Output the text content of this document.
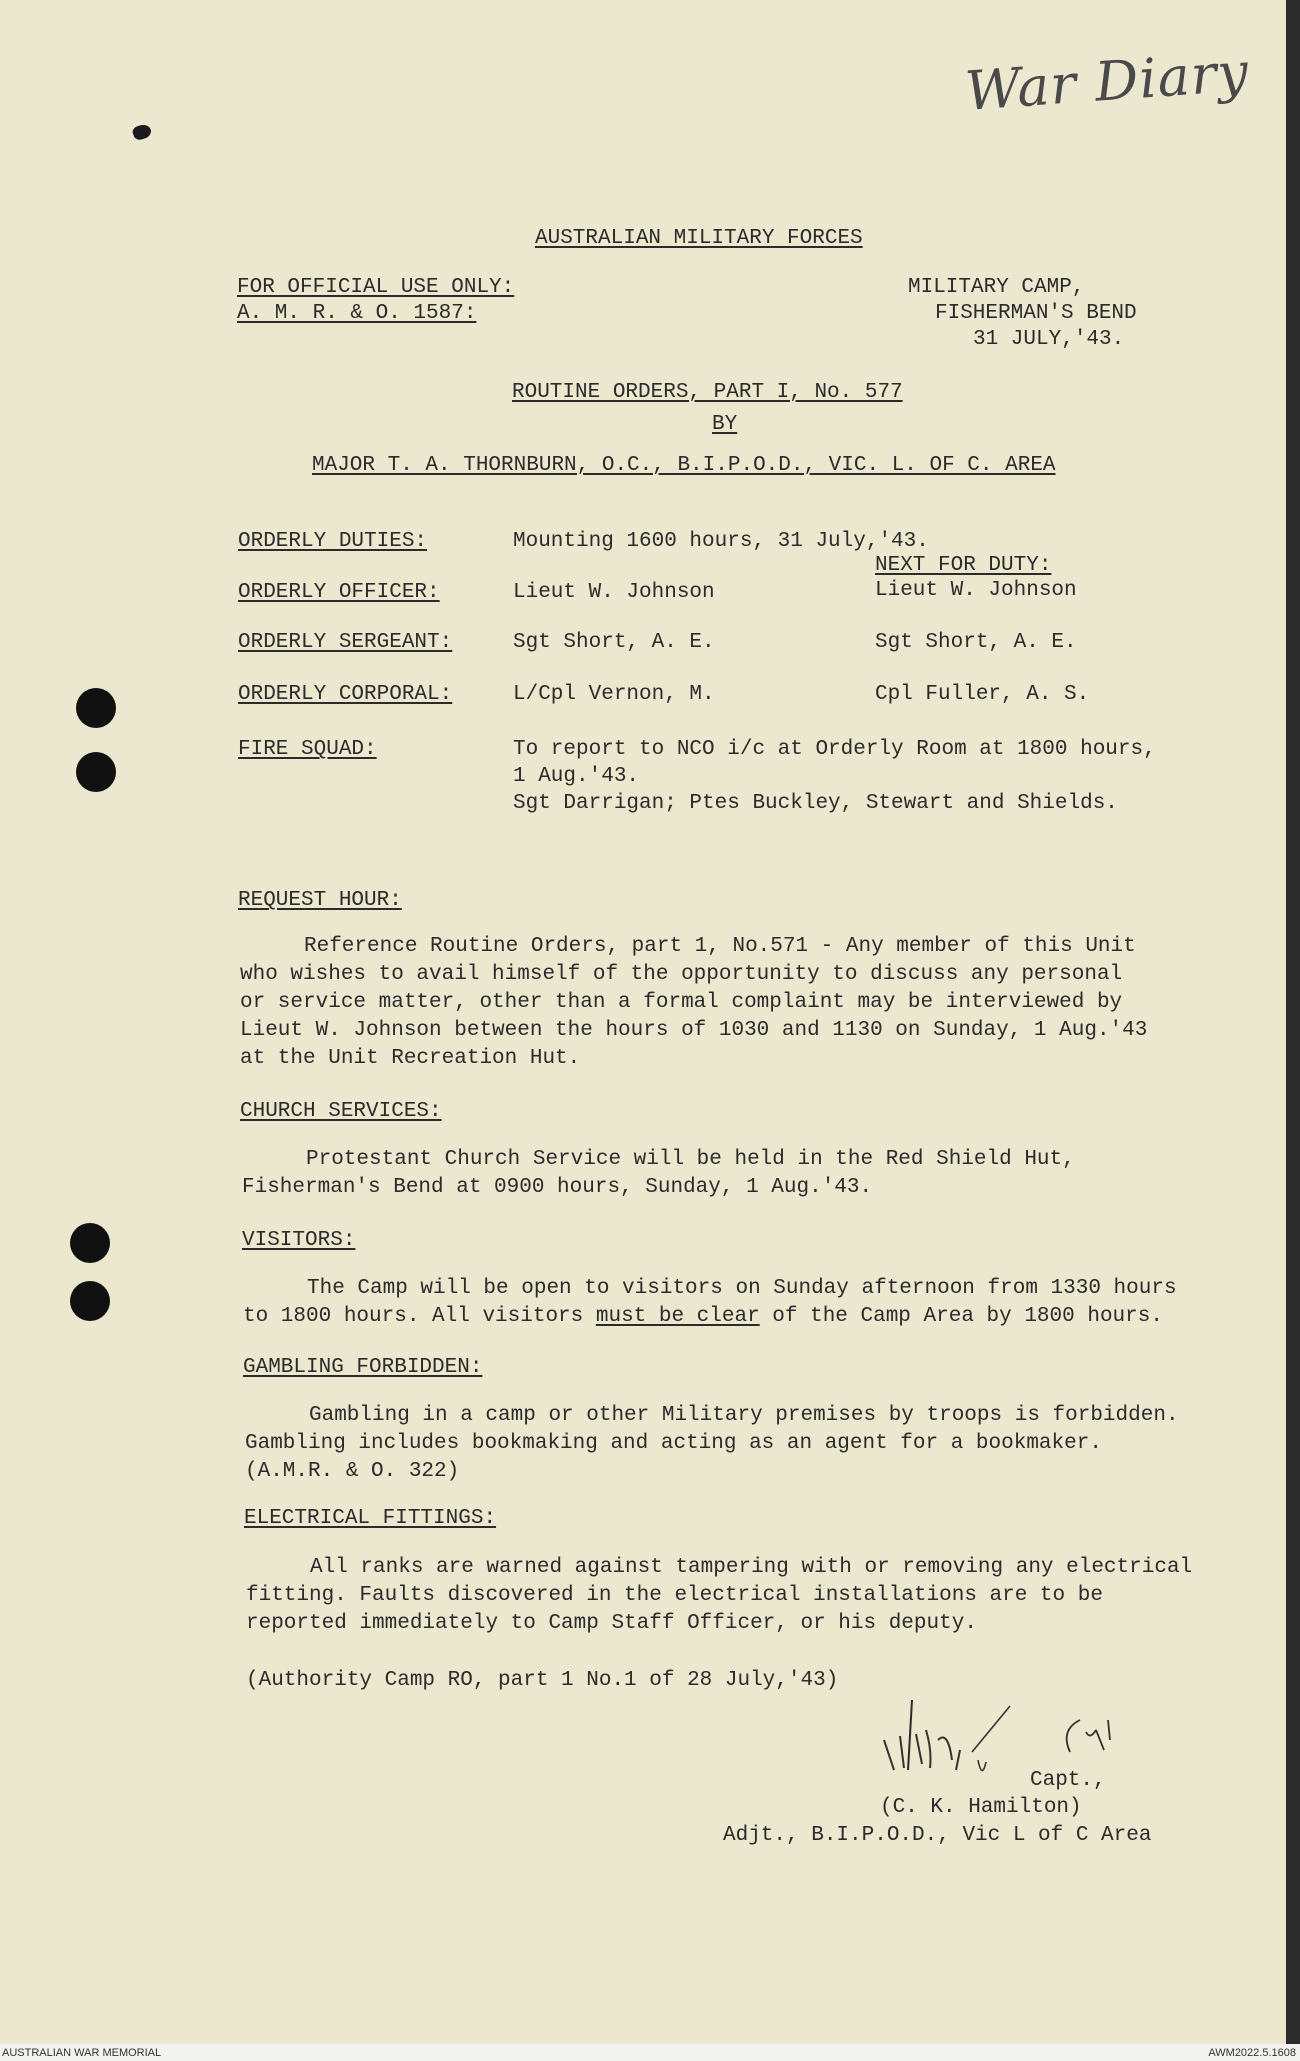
War Diary
AUSTRALIAN MILITARY FORCES
FOR OFFICIAL USE ONLY:
A. M. R. & O. 1587:
MILITARY CAMP,
FISHERMAN'S BEND
31 JULY,'43.
ROUTINE ORDERS, PART I, No. 577
BY
MAJOR T. A. THORNBURN, O.C., B.I.P.O.D., VIC. L. OF C. AREA
ORDERLY DUTIES:	Mounting 1600 hours, 31 July,'43.
NEXT FOR DUTY:
ORDERLY OFFICER:	Lieut W. Johnson	Lieut W. Johnson
ORDERLY SERGEANT:	Sgt Short, A. E.	Sgt Short, A. E.
ORDERLY CORPORAL:	L/Cpl Vernon, M.	Cpl Fuller, A. S.
FIRE SQUAD:	To report to NCO i/c at Orderly Room at 1800 hours,
1 Aug.'43.
Sgt Darrigan; Ptes Buckley, Stewart and Shields.
REQUEST HOUR:
Reference Routine Orders, part 1, No.571 - Any member of this Unit
who wishes to avail himself of the opportunity to discuss any personal
or service matter, other than a formal complaint may be interviewed by
Lieut W. Johnson between the hours of 1030 and 1130 on Sunday, 1 Aug.'43
at the Unit Recreation Hut.
CHURCH SERVICES:
Protestant Church Service will be held in the Red Shield Hut,
Fisherman's Bend at 0900 hours, Sunday, 1 Aug.'43.
VISITORS:
The Camp will be open to visitors on Sunday afternoon from 1330 hours
to 1800 hours. All visitors must be clear of the Camp Area by 1800 hours.
GAMBLING FORBIDDEN:
Gambling in a camp or other Military premises by troops is forbidden.
Gambling includes bookmaking and acting as an agent for a bookmaker.
(A.M.R. & O. 322)
ELECTRICAL FITTINGS:
All ranks are warned against tampering with or removing any electrical
fitting. Faults discovered in the electrical installations are to be
reported immediately to Camp Staff Officer, or his deputy.
(Authority Camp RO, part 1 No.1 of 28 July,'43)
Capt.,
(C. K. Hamilton)
Adjt., B.I.P.O.D., Vic L of C Area
AUSTRALIAN WAR MEMORIAL	AWM2022.5.1608
